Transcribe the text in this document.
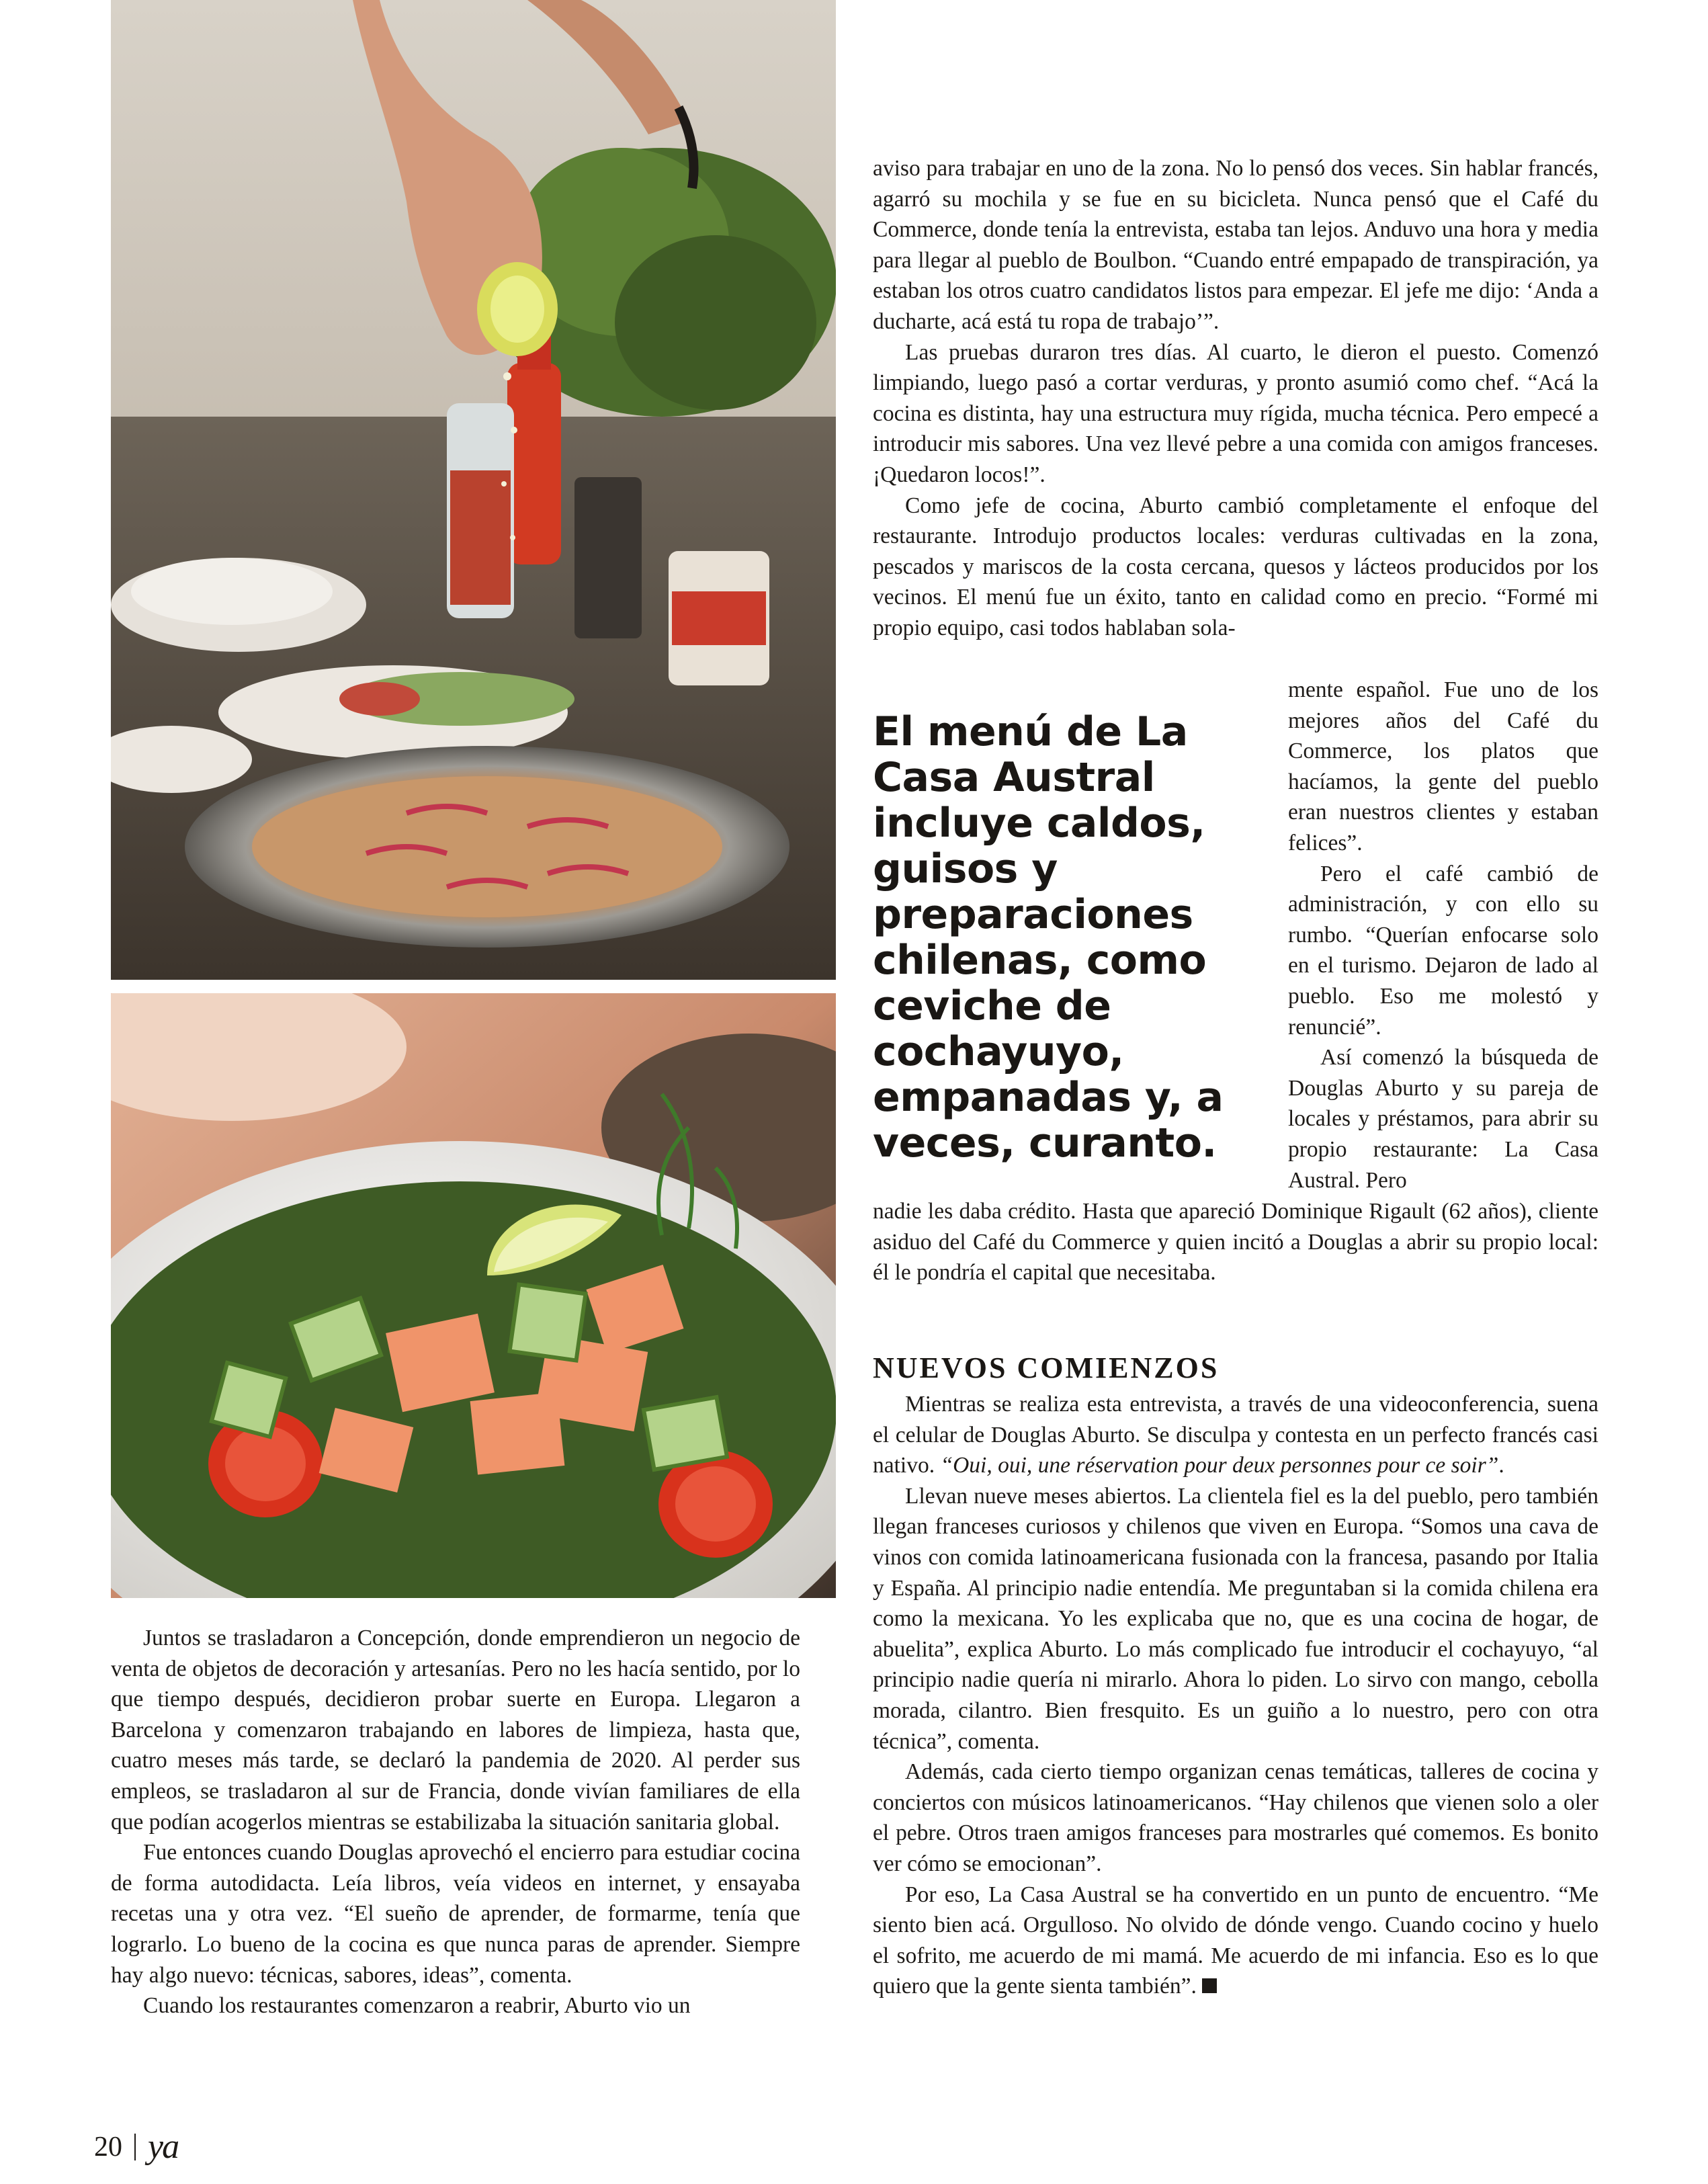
Juntos se trasladaron a Concepción, donde emprendieron un negocio de venta de objetos de decoración y artesanías. Pero no les hacía sentido, por lo que tiempo después, decidieron probar suerte en Europa. Llegaron a Barcelona y comenzaron trabajando en labores de limpieza, hasta que, cuatro meses más tarde, se declaró la pandemia de 2020. Al perder sus empleos, se trasladaron al sur de Francia, donde vivían familiares de ella que podían acogerlos mientras se estabilizaba la situación sanitaria global.

Fue entonces cuando Douglas aprovechó el encierro para estudiar cocina de forma autodidacta. Leía libros, veía videos en internet, y ensayaba recetas una y otra vez. “El sueño de aprender, de formarme, tenía que lograrlo. Lo bueno de la cocina es que nunca paras de aprender. Siempre hay algo nuevo: técnicas, sabores, ideas”, comenta.

Cuando los restaurantes comenzaron a reabrir, Aburto vio un

aviso para trabajar en uno de la zona. No lo pensó dos veces. Sin hablar francés, agarró su mochila y se fue en su bicicleta. Nunca pensó que el Café du Commerce, donde tenía la entrevista, estaba tan lejos. Anduvo una hora y media para llegar al pueblo de Boulbon. “Cuando entré empapado de transpiración, ya estaban los otros cuatro candidatos listos para empezar. El jefe me dijo: ‘Anda a ducharte, acá está tu ropa de trabajo’”.

Las pruebas duraron tres días. Al cuarto, le dieron el puesto. Comenzó limpiando, luego pasó a cortar verduras, y pronto asumió como chef. “Acá la cocina es distinta, hay una estructura muy rígida, mucha técnica. Pero empecé a introducir mis sabores. Una vez llevé pebre a una comida con amigos franceses. ¡Quedaron locos!”.

Como jefe de cocina, Aburto cambió completamente el enfoque del restaurante. Introdujo productos locales: verduras cultivadas en la zona, pescados y mariscos de la costa cercana, quesos y lácteos producidos por los vecinos. El menú fue un éxito, tanto en calidad como en precio. “Formé mi propio equipo, casi todos hablaban sola-

El menú de La Casa Austral incluye caldos, guisos y preparaciones chilenas, como ceviche de cochayuyo, empanadas y, a veces, curanto.

mente español. Fue uno de los mejores años del Café du Commerce, los platos que hacíamos, la gente del pueblo eran nuestros clientes y estaban felices”.

Pero el café cambió de administración, y con ello su rumbo. “Querían enfocarse solo en el turismo. Dejaron de lado al pueblo. Eso me molestó y renuncié”.

Así comenzó la búsqueda de Douglas Aburto y su pareja de locales y préstamos, para abrir su propio restaurante: La Casa Austral. Pero

nadie les daba crédito. Hasta que apareció Dominique Rigault (62 años), cliente asiduo del Café du Commerce y quien incitó a Douglas a abrir su propio local: él le pondría el capital que necesitaba.

NUEVOS COMIENZOS

Mientras se realiza esta entrevista, a través de una videoconferencia, suena el celular de Douglas Aburto. Se disculpa y contesta en un perfecto francés casi nativo. “Oui, oui, une réservation pour deux personnes pour ce soir”.

Llevan nueve meses abiertos. La clientela fiel es la del pueblo, pero también llegan franceses curiosos y chilenos que viven en Europa. “Somos una cava de vinos con comida latinoamericana fusionada con la francesa, pasando por Italia y España. Al principio nadie entendía. Me preguntaban si la comida chilena era como la mexicana. Yo les explicaba que no, que es una cocina de hogar, de abuelita”, explica Aburto. Lo más complicado fue introducir el cochayuyo, “al principio nadie quería ni mirarlo. Ahora lo piden. Lo sirvo con mango, cebolla morada, cilantro. Bien fresquito. Es un guiño a lo nuestro, pero con otra técnica”, comenta.

Además, cada cierto tiempo organizan cenas temáticas, talleres de cocina y conciertos con músicos latinoamericanos. “Hay chilenos que vienen solo a oler el pebre. Otros traen amigos franceses para mostrarles qué comemos. Es bonito ver cómo se emocionan”.

Por eso, La Casa Austral se ha convertido en un punto de encuentro. “Me siento bien acá. Orgulloso. No olvido de dónde vengo. Cuando cocino y huelo el sofrito, me acuerdo de mi mamá. Me acuerdo de mi infancia. Eso es lo que quiero que la gente sienta también”.

20 ya
